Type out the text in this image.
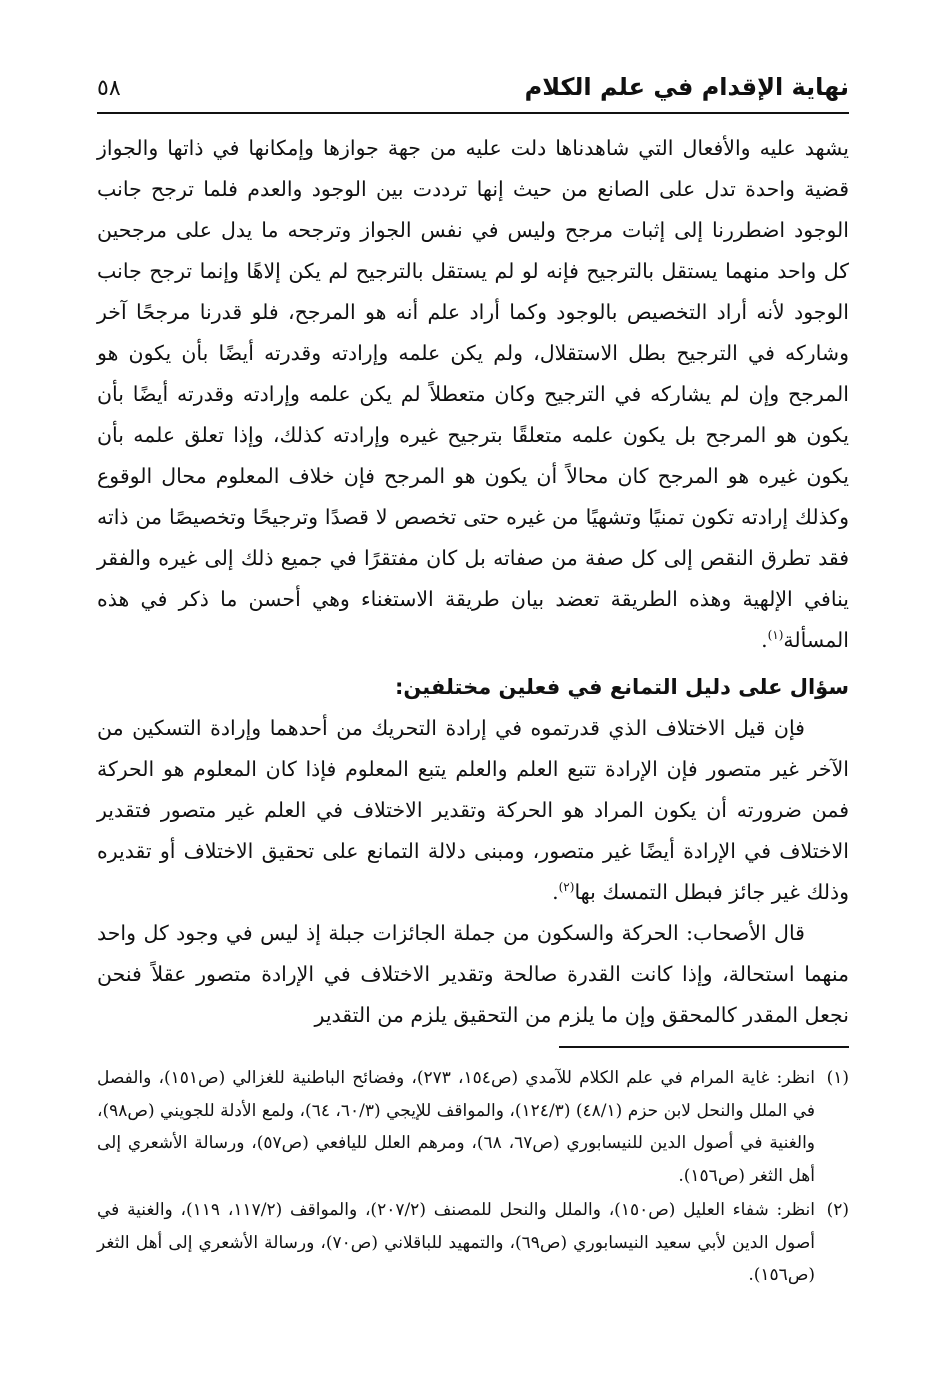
نهاية الإقدام في علم الكلام
٥٨

يشهد عليه والأفعال التي شاهدناها دلت عليه من جهة جوازها وإمكانها في ذاتها والجواز قضية واحدة تدل على الصانع من حيث إنها ترددت بين الوجود والعدم فلما ترجح جانب الوجود اضطررنا إلى إثبات مرجح وليس في نفس الجواز وترجحه ما يدل على مرجحين كل واحد منهما يستقل بالترجيح فإنه لو لم يستقل بالترجيح لم يكن إلاهًا وإنما ترجح جانب الوجود لأنه أراد التخصيص بالوجود وكما أراد علم أنه هو المرجح، فلو قدرنا مرجحًا آخر وشاركه في الترجيح بطل الاستقلال، ولم يكن علمه وإرادته وقدرته أيضًا بأن يكون هو المرجح وإن لم يشاركه في الترجيح وكان متعطلاً لم يكن علمه وإرادته وقدرته أيضًا بأن يكون هو المرجح بل يكون علمه متعلقًا بترجيح غيره وإرادته كذلك، وإذا تعلق علمه بأن يكون غيره هو المرجح كان محالاً أن يكون هو المرجح فإن خلاف المعلوم محال الوقوع وكذلك إرادته تكون تمنيًا وتشهيًا من غيره حتى تخصص لا قصدًا وترجيحًا وتخصيصًا من ذاته فقد تطرق النقص إلى كل صفة من صفاته بل كان مفتقرًا في جميع ذلك إلى غيره والفقر ينافي الإلهية وهذه الطريقة تعضد بيان طريقة الاستغناء وهي أحسن ما ذكر في هذه المسألة$^{(١)}$.

سؤال على دليل التمانع في فعلين مختلفين:

فإن قيل الاختلاف الذي قدرتموه في إرادة التحريك من أحدهما وإرادة التسكين من الآخر غير متصور فإن الإرادة تتبع العلم والعلم يتبع المعلوم فإذا كان المعلوم هو الحركة فمن ضرورته أن يكون المراد هو الحركة وتقدير الاختلاف في العلم غير متصور فتقدير الاختلاف في الإرادة أيضًا غير متصور، ومبنى دلالة التمانع على تحقيق الاختلاف أو تقديره وذلك غير جائز فبطل التمسك بها$^{(٢)}$.

قال الأصحاب: الحركة والسكون من جملة الجائزات جبلة إذ ليس في وجود كل واحد منهما استحالة، وإذا كانت القدرة صالحة وتقدير الاختلاف في الإرادة متصور عقلاً فنحن نجعل المقدر كالمحقق وإن ما يلزم من التحقيق يلزم من التقدير

(١)
انظر: غاية المرام في علم الكلام للآمدي (ص١٥٤، ٢٧٣)، وفضائح الباطنية للغزالي (ص١٥١)، والفصل في الملل والنحل لابن حزم (٤٨/١) (١٢٤/٣)، والمواقف للإيجي (٦٠/٣، ٦٤)، ولمع الأدلة للجويني (ص٩٨)، والغنية في أصول الدين للنيسابوري (ص٦٧، ٦٨)، ومرهم العلل لليافعي (ص٥٧)، ورسالة الأشعري إلى أهل الثغر (ص١٥٦).
(٢)
انظر: شفاء العليل (ص١٥٠)، والملل والنحل للمصنف (٢٠٧/٢)، والمواقف (١١٧/٢، ١١٩)، والغنية في أصول الدين لأبي سعيد النيسابوري (ص٦٩)، والتمهيد للباقلاني (ص٧٠)، ورسالة الأشعري إلى أهل الثغر (ص١٥٦).
